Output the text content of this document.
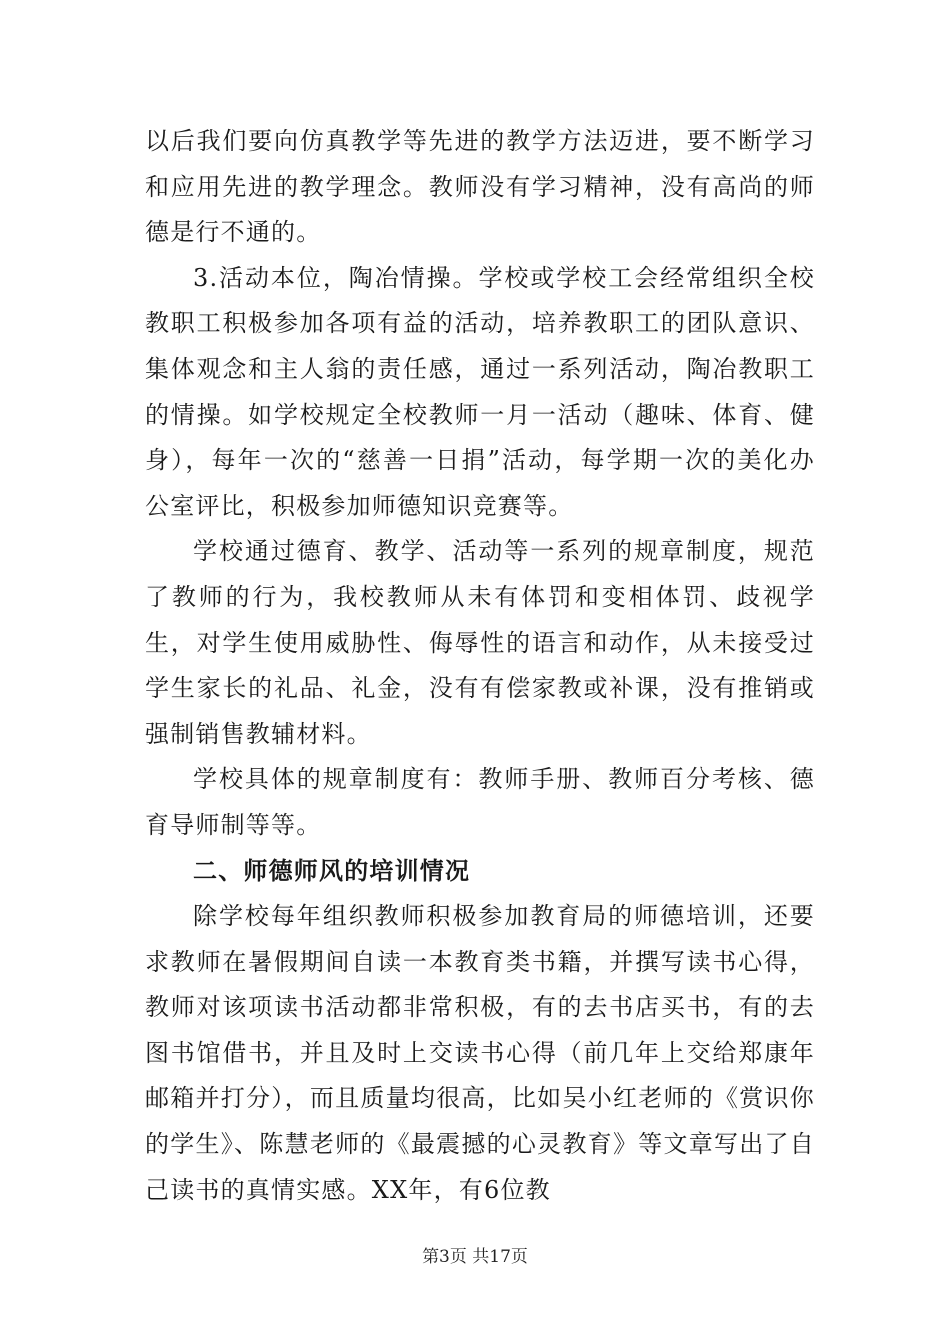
以后我们要向仿真教学等先进的教学方法迈进，要不断学习和应用先进的教学理念。教师没有学习精神，没有高尚的师德是行不通的。

3.活动本位，陶冶情操。学校或学校工会经常组织全校教职工积极参加各项有益的活动，培养教职工的团队意识、集体观念和主人翁的责任感，通过一系列活动，陶冶教职工的情操。如学校规定全校教师一月一活动（趣味、体育、健身），每年一次的“慈善一日捐”活动，每学期一次的美化办公室评比，积极参加师德知识竞赛等。

学校通过德育、教学、活动等一系列的规章制度，规范了教师的行为，我校教师从未有体罚和变相体罚、歧视学生，对学生使用威胁性、侮辱性的语言和动作，从未接受过学生家长的礼品、礼金，没有有偿家教或补课，没有推销或强制销售教辅材料。

学校具体的规章制度有：教师手册、教师百分考核、德育导师制等等。

二、师德师风的培训情况

除学校每年组织教师积极参加教育局的师德培训，还要求教师在暑假期间自读一本教育类书籍，并撰写读书心得，教师对该项读书活动都非常积极，有的去书店买书，有的去图书馆借书，并且及时上交读书心得（前几年上交给郑康年邮箱并打分），而且质量均很高，比如吴小红老师的《赏识你的学生》、陈慧老师的《最震撼的心灵教育》等文章写出了自己读书的真情实感。XX年，有6位教

第3页 共17页
